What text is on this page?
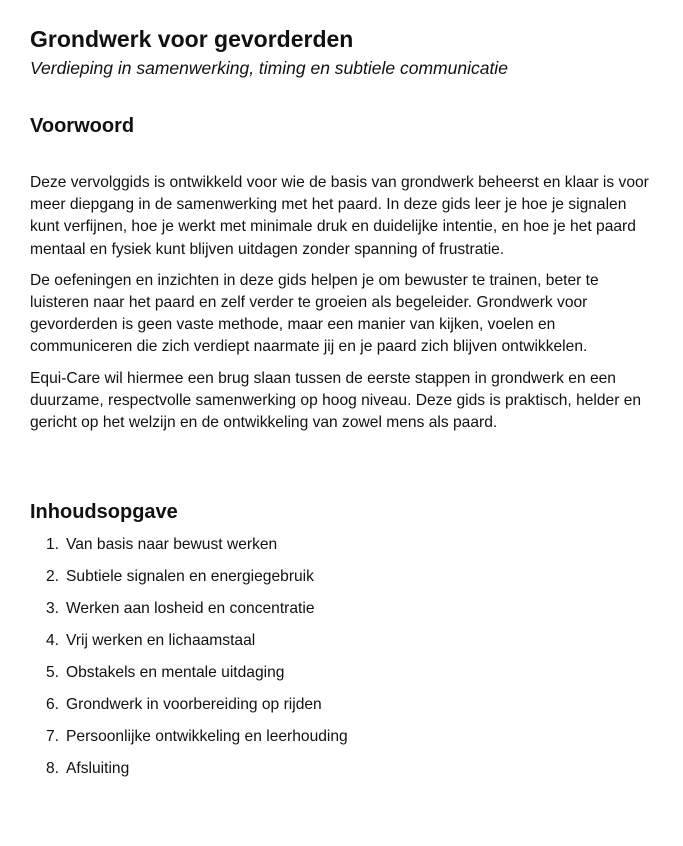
Grondwerk voor gevorderden
Verdieping in samenwerking, timing en subtiele communicatie
Voorwoord

Deze vervolggids is ontwikkeld voor wie de basis van grondwerk beheerst en klaar is voor meer diepgang in de samenwerking met het paard. In deze gids leer je hoe je signalen kunt verfijnen, hoe je werkt met minimale druk en duidelijke intentie, en hoe je het paard mentaal en fysiek kunt blijven uitdagen zonder spanning of frustratie.

De oefeningen en inzichten in deze gids helpen je om bewuster te trainen, beter te luisteren naar het paard en zelf verder te groeien als begeleider. Grondwerk voor gevorderden is geen vaste methode, maar een manier van kijken, voelen en communiceren die zich verdiept naarmate jij en je paard zich blijven ontwikkelen.

Equi-Care wil hiermee een brug slaan tussen de eerste stappen in grondwerk en een duurzame, respectvolle samenwerking op hoog niveau. Deze gids is praktisch, helder en gericht op het welzijn en de ontwikkeling van zowel mens als paard.

Inhoudsopgave
1. Van basis naar bewust werken
2. Subtiele signalen en energiegebruik
3. Werken aan losheid en concentratie
4. Vrij werken en lichaamstaal
5. Obstakels en mentale uitdaging
6. Grondwerk in voorbereiding op rijden
7. Persoonlijke ontwikkeling en leerhouding
8. Afsluiting
